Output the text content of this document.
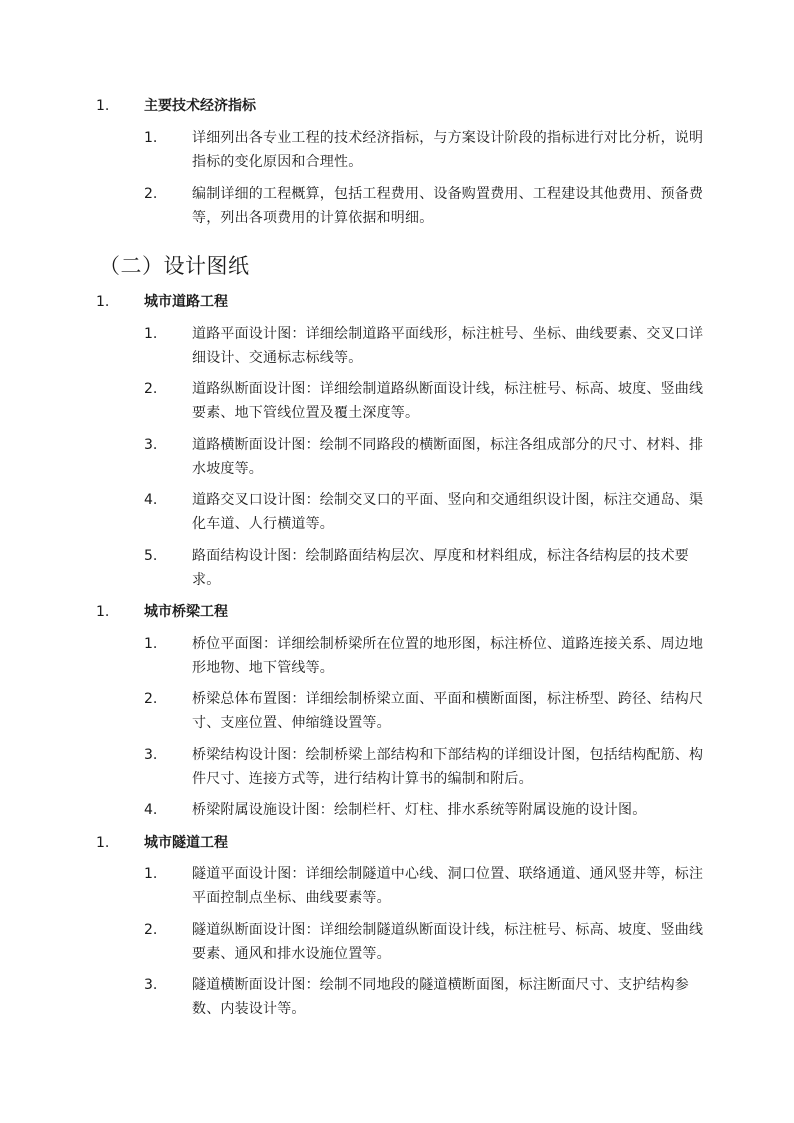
1.	主要技术经济指标
1.	详细列出各专业工程的技术经济指标，与方案设计阶段的指标进行对比分析，说明指标的变化原因和合理性。
2.	编制详细的工程概算，包括工程费用、设备购置费用、工程建设其他费用、预备费等，列出各项费用的计算依据和明细。
（二）设计图纸
1.	城市道路工程
1.	道路平面设计图：详细绘制道路平面线形，标注桩号、坐标、曲线要素、交叉口详细设计、交通标志标线等。
2.	道路纵断面设计图：详细绘制道路纵断面设计线，标注桩号、标高、坡度、竖曲线要素、地下管线位置及覆土深度等。
3.	道路横断面设计图：绘制不同路段的横断面图，标注各组成部分的尺寸、材料、排水坡度等。
4.	道路交叉口设计图：绘制交叉口的平面、竖向和交通组织设计图，标注交通岛、渠化车道、人行横道等。
5.	路面结构设计图：绘制路面结构层次、厚度和材料组成，标注各结构层的技术要求。
1.	城市桥梁工程
1.	桥位平面图：详细绘制桥梁所在位置的地形图，标注桥位、道路连接关系、周边地形地物、地下管线等。
2.	桥梁总体布置图：详细绘制桥梁立面、平面和横断面图，标注桥型、跨径、结构尺寸、支座位置、伸缩缝设置等。
3.	桥梁结构设计图：绘制桥梁上部结构和下部结构的详细设计图，包括结构配筋、构件尺寸、连接方式等，进行结构计算书的编制和附后。
4.	桥梁附属设施设计图：绘制栏杆、灯柱、排水系统等附属设施的设计图。
1.	城市隧道工程
1.	隧道平面设计图：详细绘制隧道中心线、洞口位置、联络通道、通风竖井等，标注平面控制点坐标、曲线要素等。
2.	隧道纵断面设计图：详细绘制隧道纵断面设计线，标注桩号、标高、坡度、竖曲线要素、通风和排水设施位置等。
3.	隧道横断面设计图：绘制不同地段的隧道横断面图，标注断面尺寸、支护结构参数、内装设计等。
